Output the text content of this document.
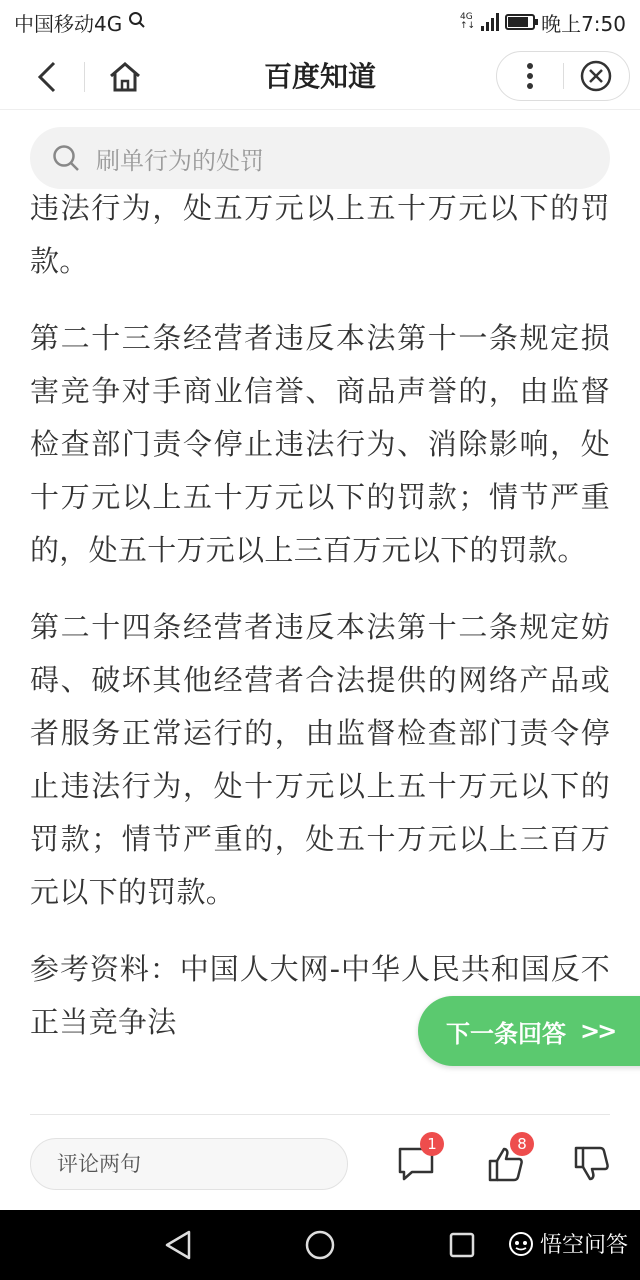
中国移动4G	4G
↑↓	晚上7:50
百度知道
刷单行为的处罚

违法行为，处五万元以上五十万元以下的罚款。

第二十三条经营者违反本法第十一条规定损害竞争对手商业信誉、商品声誉的，由监督检查部门责令停止违法行为、消除影响，处十万元以上五十万元以下的罚款；情节严重的，处五十万元以上三百万元以下的罚款。

第二十四条经营者违反本法第十二条规定妨碍、破坏其他经营者合法提供的网络产品或者服务正常运行的，由监督检查部门责令停止违法行为，处十万元以上五十万元以下的罚款；情节严重的，处五十万元以上三百万元以下的罚款。

参考资料：中国人大网-中华人民共和国反不正当竞争法	下一条回答 >>
评论两句
1	8
悟空问答
